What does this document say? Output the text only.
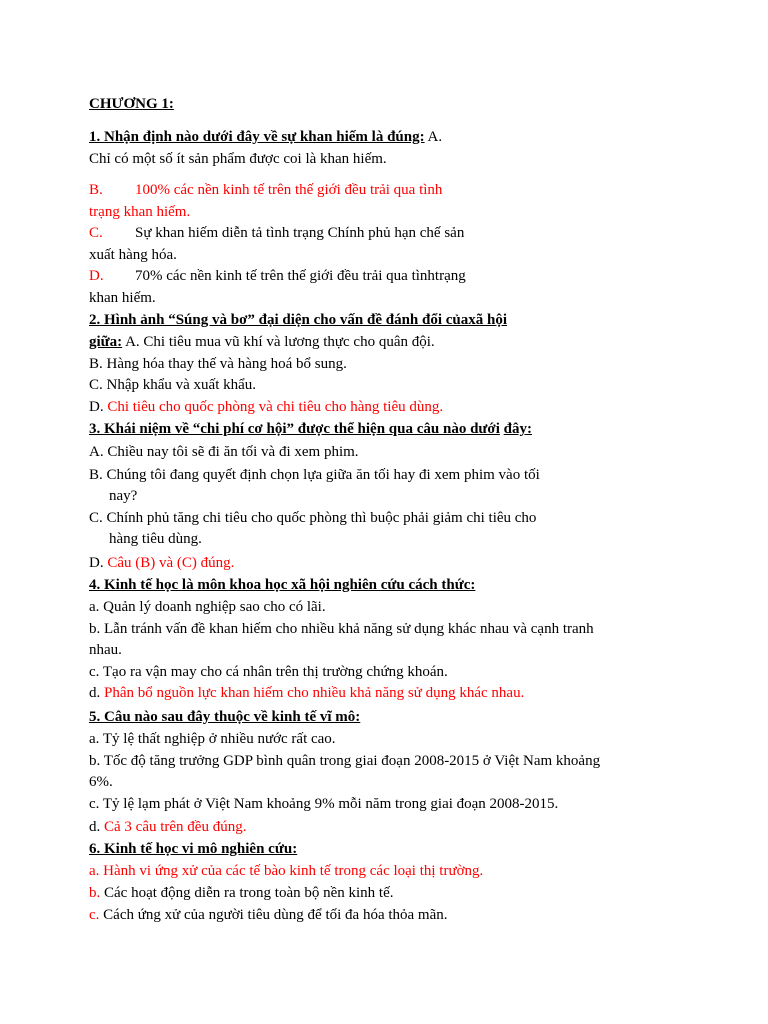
CHƯƠNG 1:
1. Nhận định nào dưới đây về sự khan hiếm là đúng: A.
Chỉ có một số ít sản phẩm được coi là khan hiếm.
B. 100% các nền kinh tế trên thế giới đều trải qua tình
trạng khan hiếm.
C. Sự khan hiếm diễn tả tình trạng Chính phủ hạn chế sản
xuất hàng hóa.
D. 70% các nền kinh tế trên thế giới đều trải qua tìnhtrạng
khan hiếm.
2. Hình ảnh “Súng và bơ” đại diện cho vấn đề đánh đổi củaxã hội
giữa: A. Chi tiêu mua vũ khí và lương thực cho quân đội.
B. Hàng hóa thay thế và hàng hoá bổ sung.
C. Nhập khẩu và xuất khẩu.
D. Chi tiêu cho quốc phòng và chi tiêu cho hàng tiêu dùng.
3. Khái niệm về “chi phí cơ hội” được thể hiện qua câu nào dưới đây:
A. Chiều nay tôi sẽ đi ăn tối và đi xem phim.
B. Chúng tôi đang quyết định chọn lựa giữa ăn tối hay đi xem phim vào tối
nay?
C. Chính phủ tăng chi tiêu cho quốc phòng thì buộc phải giảm chi tiêu cho
hàng tiêu dùng.
D. Câu (B) và (C) đúng.
4. Kinh tế học là môn khoa học xã hội nghiên cứu cách thức:
a. Quản lý doanh nghiệp sao cho có lãi.
b. Lẫn tránh vấn đề khan hiếm cho nhiều khả năng sử dụng khác nhau và cạnh tranh
nhau.
c. Tạo ra vận may cho cá nhân trên thị trường chứng khoán.
d. Phân bổ nguồn lực khan hiếm cho nhiều khả năng sử dụng khác nhau.
5. Câu nào sau đây thuộc về kinh tế vĩ mô:
a. Tỷ lệ thất nghiệp ở nhiều nước rất cao.
b. Tốc độ tăng trưởng GDP bình quân trong giai đoạn 2008-2015 ở Việt Nam khoảng
6%.
c. Tỷ lệ lạm phát ở Việt Nam khoảng 9% mỗi năm trong giai đoạn 2008-2015.
d. Cả 3 câu trên đều đúng.
6. Kinh tế học vi mô nghiên cứu:
a. Hành vi ứng xử của các tế bào kinh tế trong các loại thị trường.
b. Các hoạt động diễn ra trong toàn bộ nền kinh tế.
c. Cách ứng xử của người tiêu dùng để tối đa hóa thỏa mãn.
